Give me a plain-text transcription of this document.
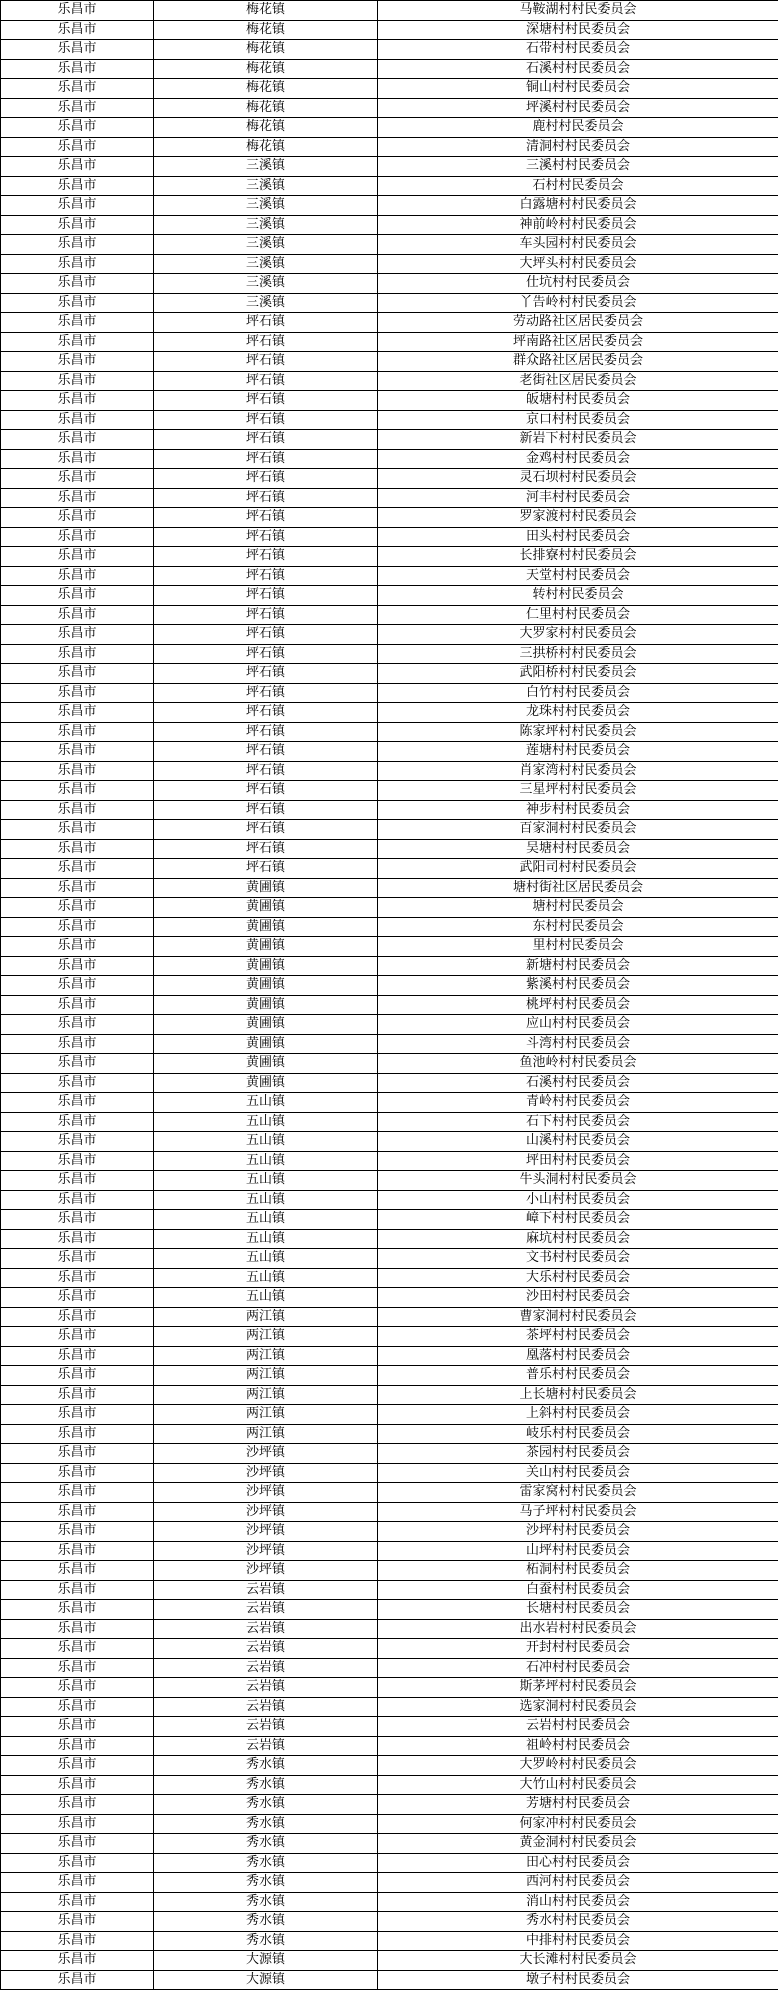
乐昌市	梅花镇	马鞍湖村村民委员会
乐昌市	梅花镇	深塘村村民委员会
乐昌市	梅花镇	石带村村民委员会
乐昌市	梅花镇	石溪村村民委员会
乐昌市	梅花镇	铜山村村民委员会
乐昌市	梅花镇	坪溪村村民委员会
乐昌市	梅花镇	鹿村村民委员会
乐昌市	梅花镇	清洞村村民委员会
乐昌市	三溪镇	三溪村村民委员会
乐昌市	三溪镇	石村村民委员会
乐昌市	三溪镇	白露塘村村民委员会
乐昌市	三溪镇	神前岭村村民委员会
乐昌市	三溪镇	车头园村村民委员会
乐昌市	三溪镇	大坪头村村民委员会
乐昌市	三溪镇	仕坑村村民委员会
乐昌市	三溪镇	丫告岭村村民委员会
乐昌市	坪石镇	劳动路社区居民委员会
乐昌市	坪石镇	坪南路社区居民委员会
乐昌市	坪石镇	群众路社区居民委员会
乐昌市	坪石镇	老街社区居民委员会
乐昌市	坪石镇	皈塘村村民委员会
乐昌市	坪石镇	京口村村民委员会
乐昌市	坪石镇	新岩下村村民委员会
乐昌市	坪石镇	金鸡村村民委员会
乐昌市	坪石镇	灵石坝村村民委员会
乐昌市	坪石镇	河丰村村民委员会
乐昌市	坪石镇	罗家渡村村民委员会
乐昌市	坪石镇	田头村村民委员会
乐昌市	坪石镇	长排寮村村民委员会
乐昌市	坪石镇	天堂村村民委员会
乐昌市	坪石镇	转村村民委员会
乐昌市	坪石镇	仁里村村民委员会
乐昌市	坪石镇	大罗家村村民委员会
乐昌市	坪石镇	三拱桥村村民委员会
乐昌市	坪石镇	武阳桥村村民委员会
乐昌市	坪石镇	白竹村村民委员会
乐昌市	坪石镇	龙珠村村民委员会
乐昌市	坪石镇	陈家坪村村民委员会
乐昌市	坪石镇	莲塘村村民委员会
乐昌市	坪石镇	肖家湾村村民委员会
乐昌市	坪石镇	三星坪村村民委员会
乐昌市	坪石镇	神步村村民委员会
乐昌市	坪石镇	百家洞村村民委员会
乐昌市	坪石镇	吴塘村村民委员会
乐昌市	坪石镇	武阳司村村民委员会
乐昌市	黄圃镇	塘村街社区居民委员会
乐昌市	黄圃镇	塘村村民委员会
乐昌市	黄圃镇	东村村民委员会
乐昌市	黄圃镇	里村村民委员会
乐昌市	黄圃镇	新塘村村民委员会
乐昌市	黄圃镇	紫溪村村民委员会
乐昌市	黄圃镇	桃坪村村民委员会
乐昌市	黄圃镇	应山村村民委员会
乐昌市	黄圃镇	斗湾村村民委员会
乐昌市	黄圃镇	鱼池岭村村民委员会
乐昌市	黄圃镇	石溪村村民委员会
乐昌市	五山镇	青岭村村民委员会
乐昌市	五山镇	石下村村民委员会
乐昌市	五山镇	山溪村村民委员会
乐昌市	五山镇	坪田村村民委员会
乐昌市	五山镇	牛头洞村村民委员会
乐昌市	五山镇	小山村村民委员会
乐昌市	五山镇	嶂下村村民委员会
乐昌市	五山镇	麻坑村村民委员会
乐昌市	五山镇	文书村村民委员会
乐昌市	五山镇	大乐村村民委员会
乐昌市	五山镇	沙田村村民委员会
乐昌市	两江镇	曹家洞村村民委员会
乐昌市	两江镇	茶坪村村民委员会
乐昌市	两江镇	凰落村村民委员会
乐昌市	两江镇	普乐村村民委员会
乐昌市	两江镇	上长塘村村民委员会
乐昌市	两江镇	上斜村村民委员会
乐昌市	两江镇	岐乐村村民委员会
乐昌市	沙坪镇	茶园村村民委员会
乐昌市	沙坪镇	关山村村民委员会
乐昌市	沙坪镇	雷家窝村村民委员会
乐昌市	沙坪镇	马子坪村村民委员会
乐昌市	沙坪镇	沙坪村村民委员会
乐昌市	沙坪镇	山坪村村民委员会
乐昌市	沙坪镇	柘洞村村民委员会
乐昌市	云岩镇	白蚕村村民委员会
乐昌市	云岩镇	长塘村村民委员会
乐昌市	云岩镇	出水岩村村民委员会
乐昌市	云岩镇	开封村村民委员会
乐昌市	云岩镇	石冲村村民委员会
乐昌市	云岩镇	斯茅坪村村民委员会
乐昌市	云岩镇	选家洞村村民委员会
乐昌市	云岩镇	云岩村村民委员会
乐昌市	云岩镇	祖岭村村民委员会
乐昌市	秀水镇	大罗岭村村民委员会
乐昌市	秀水镇	大竹山村村民委员会
乐昌市	秀水镇	芳塘村村民委员会
乐昌市	秀水镇	何家冲村村民委员会
乐昌市	秀水镇	黄金洞村村民委员会
乐昌市	秀水镇	田心村村民委员会
乐昌市	秀水镇	西河村村民委员会
乐昌市	秀水镇	消山村村民委员会
乐昌市	秀水镇	秀水村村民委员会
乐昌市	秀水镇	中排村村民委员会
乐昌市	大源镇	大长滩村村民委员会
乐昌市	大源镇	墩子村村民委员会
